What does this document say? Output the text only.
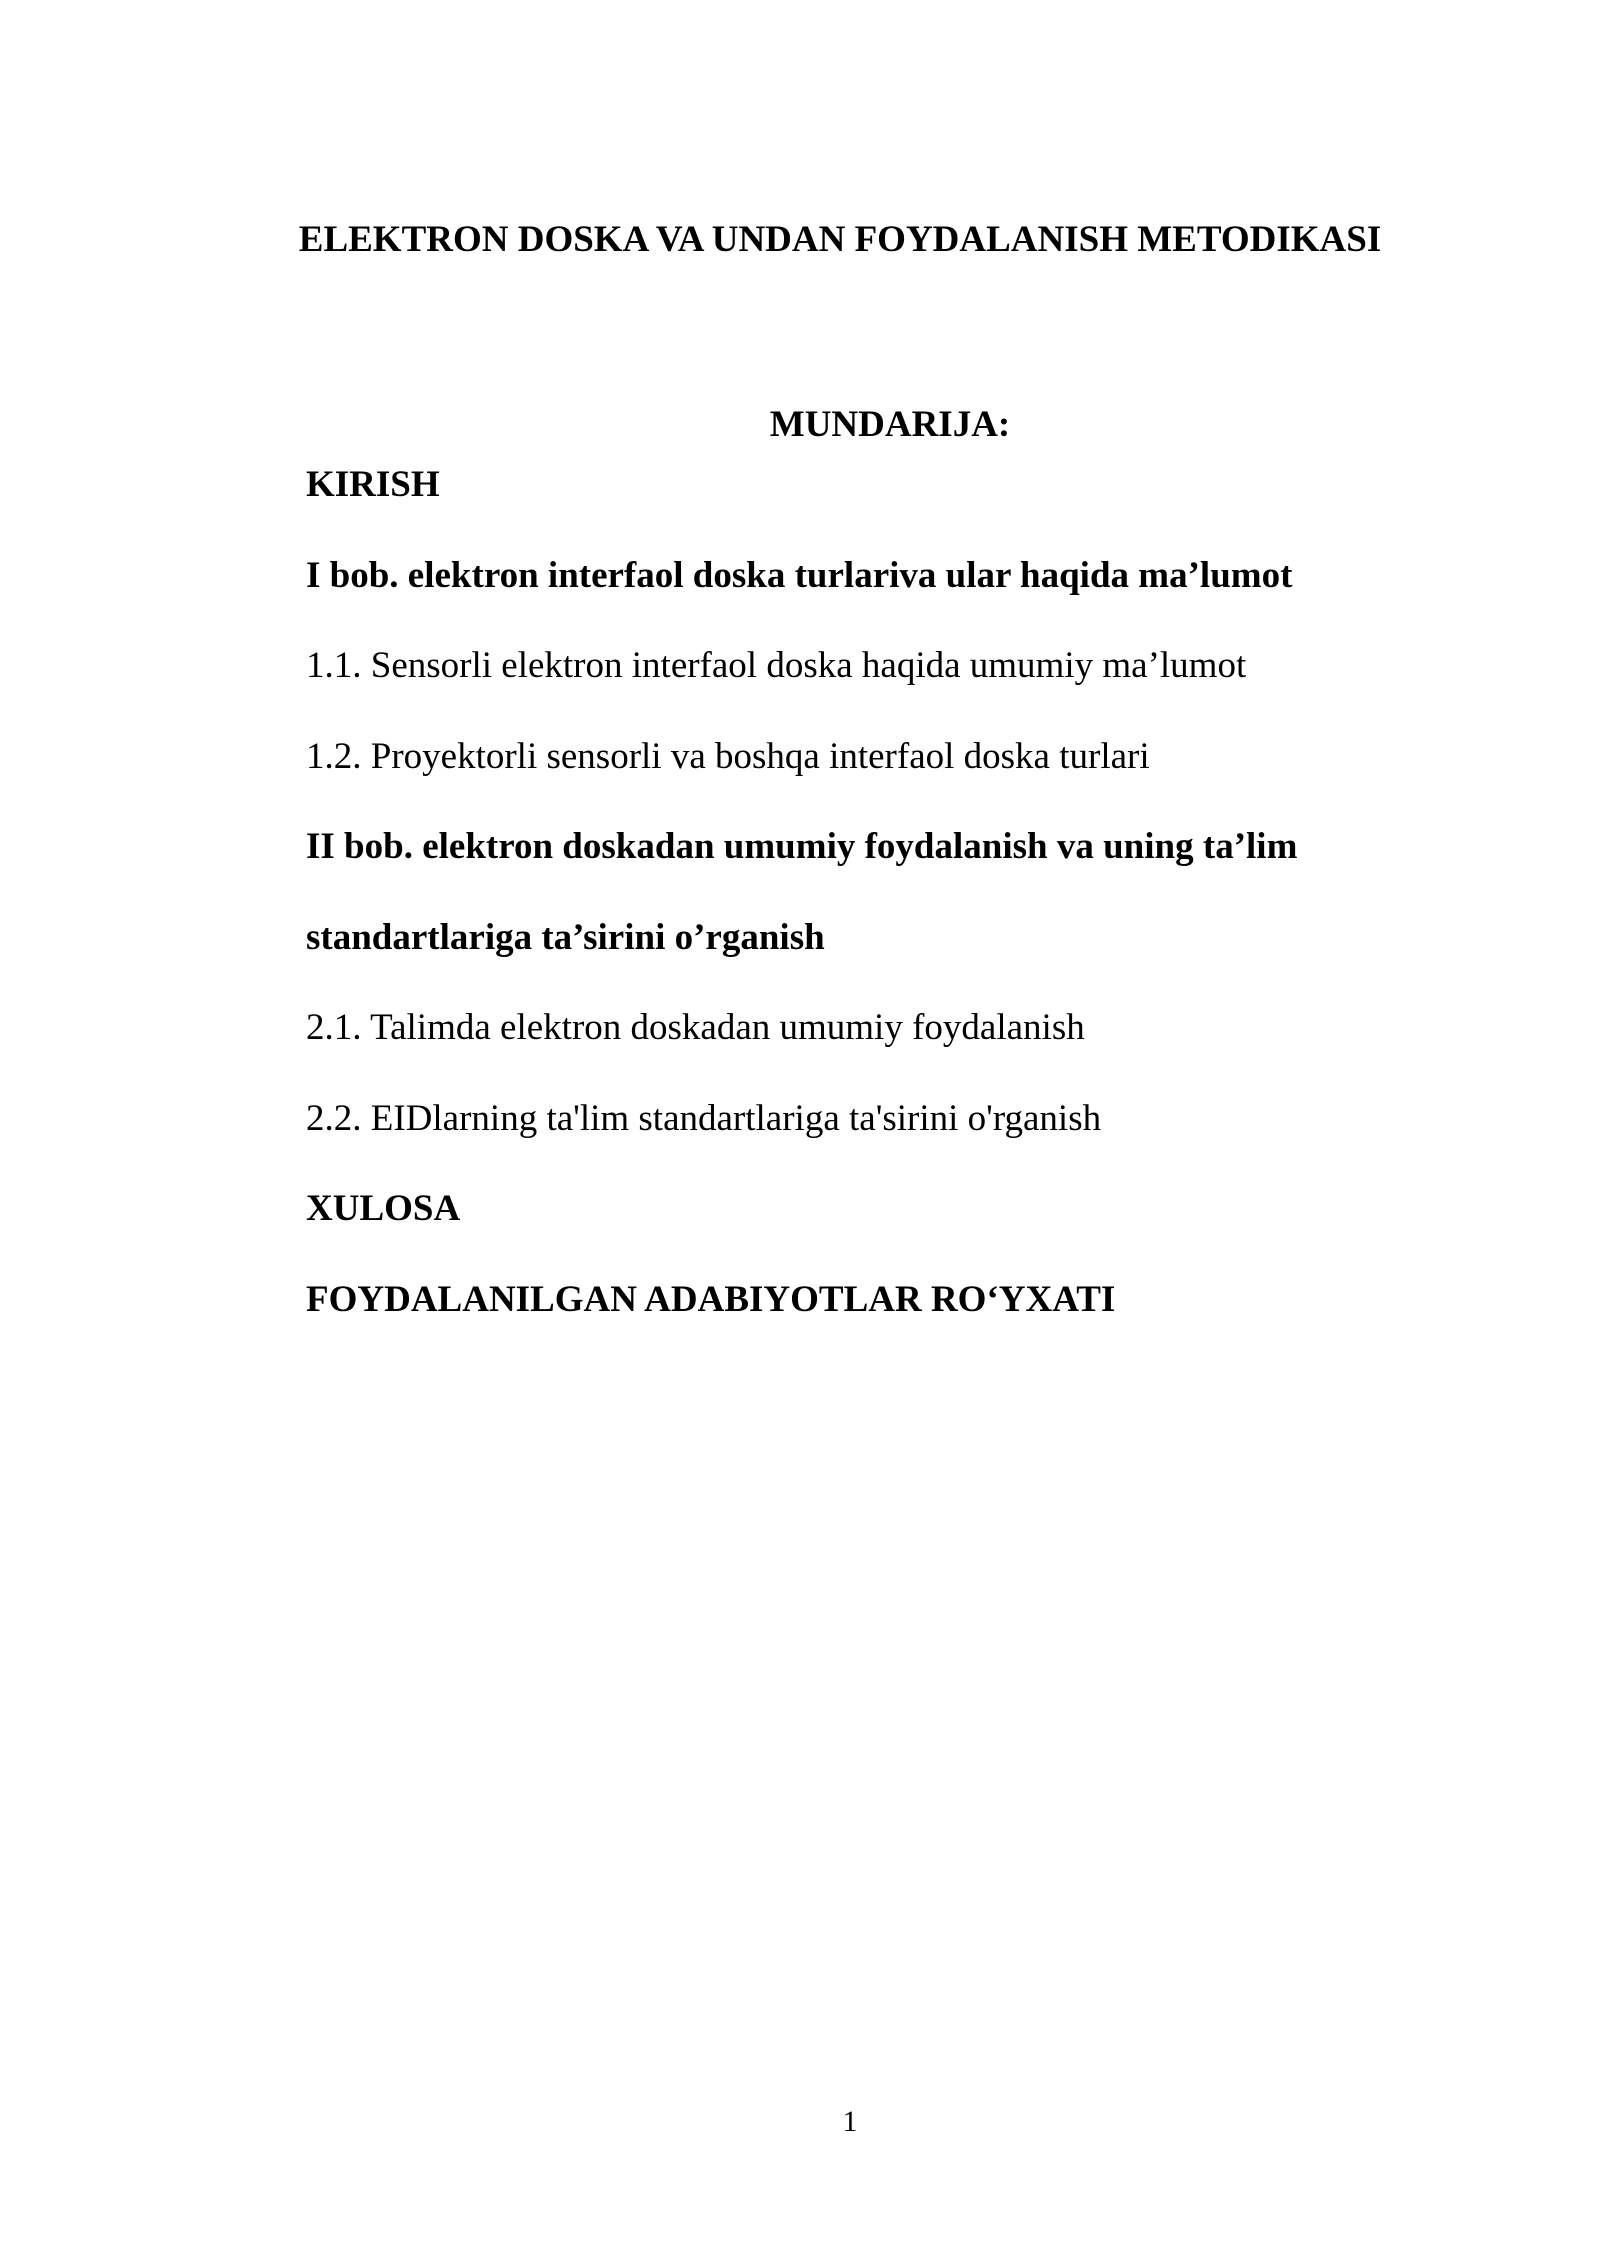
ELEKTRON DOSKA VA UNDAN FOYDALANISH METODIKASI
MUNDARIJA:
KIRISH
I bob. elektron interfaol doska turlariva ular haqida ma’lumot
1.1. Sensorli elektron interfaol doska haqida umumiy ma’lumot
1.2. Proyektorli sensorli va boshqa interfaol doska turlari
II bob. elektron doskadan umumiy foydalanish va uning ta’lim
standartlariga ta’sirini o’rganish
2.1. Talimda elektron doskadan umumiy foydalanish
2.2. EIDlarning ta'lim standartlariga ta'sirini o'rganish
XULOSA
FOYDALANILGAN ADABIYOTLAR RO‘YXATI
1
